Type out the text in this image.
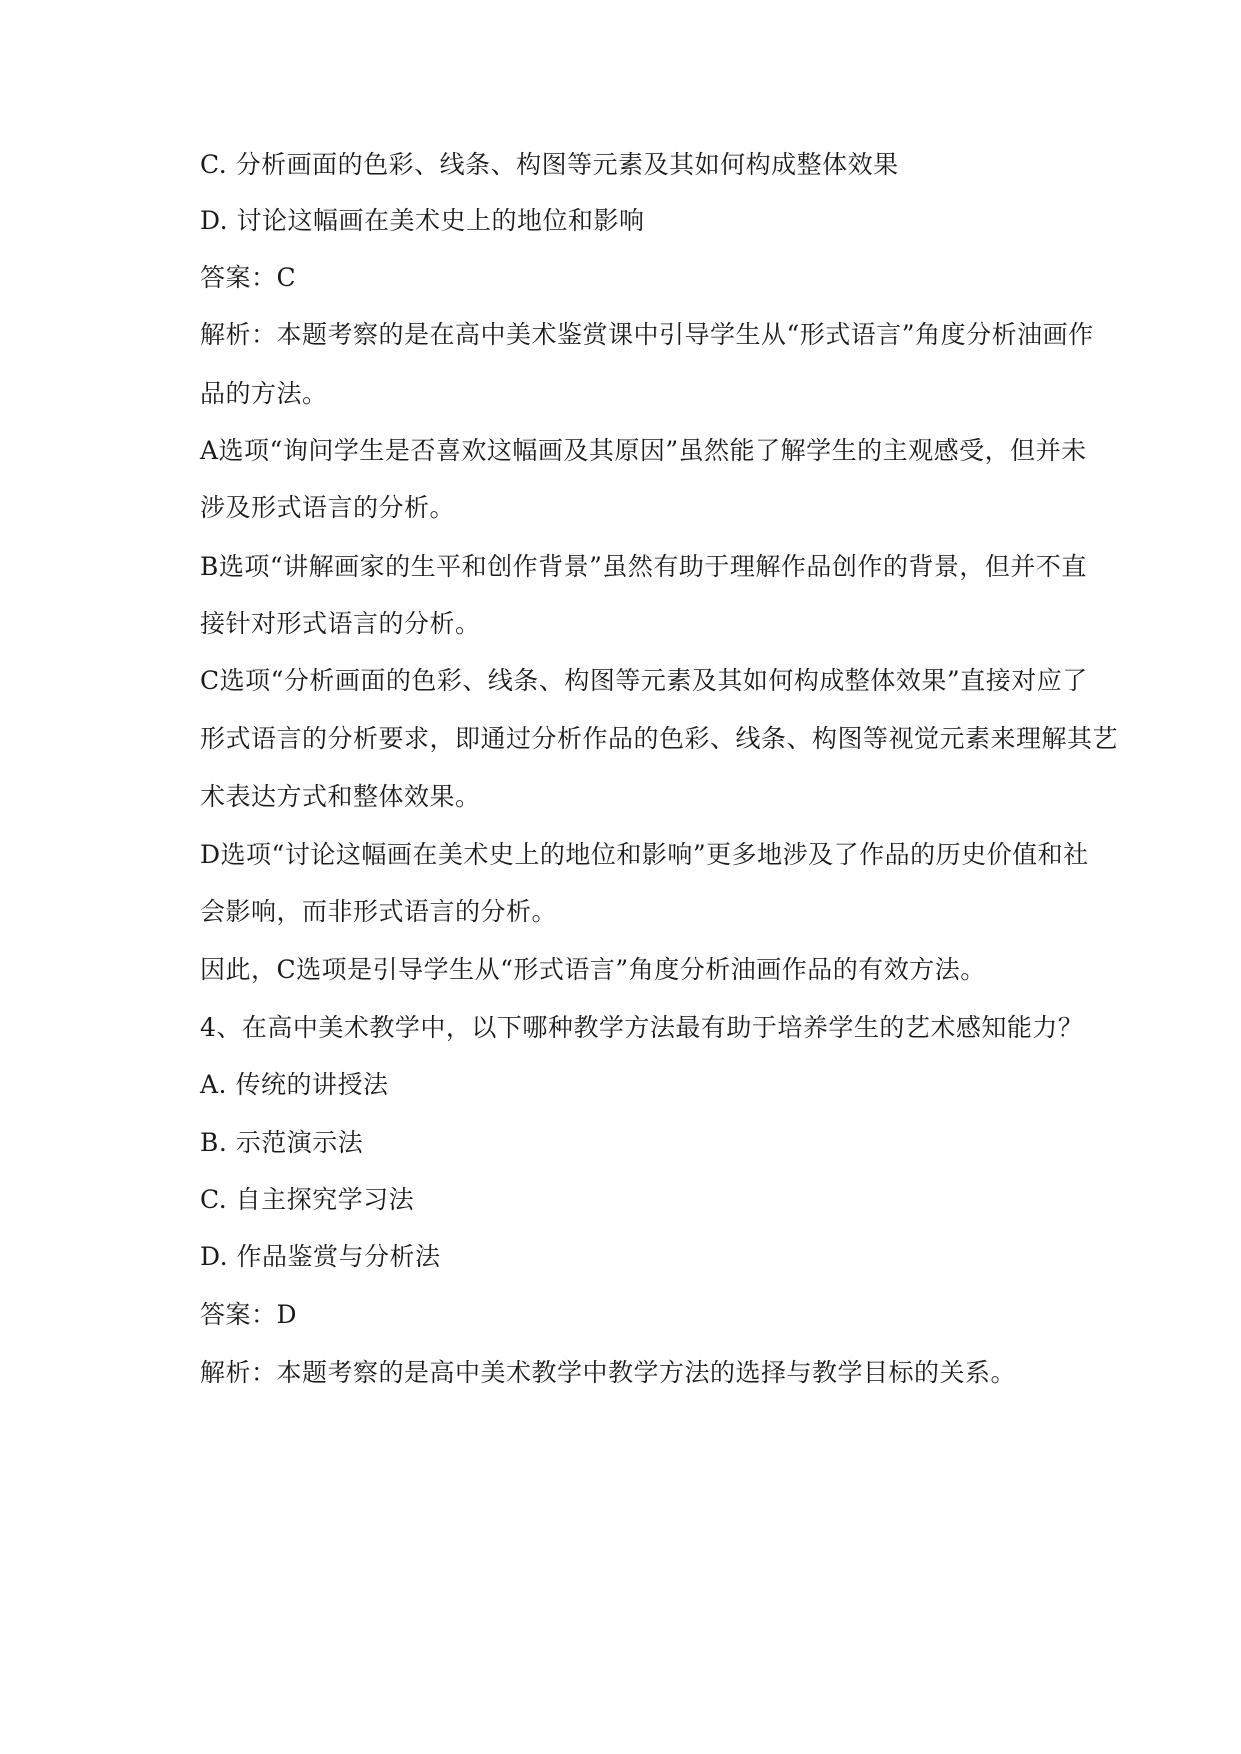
C. 分析画面的色彩、线条、构图等元素及其如何构成整体效果
D. 讨论这幅画在美术史上的地位和影响
答案：C
解析：本题考察的是在高中美术鉴赏课中引导学生从“形式语言”角度分析油画作
品的方法。
A选项“询问学生是否喜欢这幅画及其原因”虽然能了解学生的主观感受，但并未
涉及形式语言的分析。
B选项“讲解画家的生平和创作背景”虽然有助于理解作品创作的背景，但并不直
接针对形式语言的分析。
C选项“分析画面的色彩、线条、构图等元素及其如何构成整体效果”直接对应了
形式语言的分析要求，即通过分析作品的色彩、线条、构图等视觉元素来理解其艺
术表达方式和整体效果。
D选项“讨论这幅画在美术史上的地位和影响”更多地涉及了作品的历史价值和社
会影响，而非形式语言的分析。
因此，C选项是引导学生从“形式语言”角度分析油画作品的有效方法。
4、在高中美术教学中，以下哪种教学方法最有助于培养学生的艺术感知能力？
A. 传统的讲授法
B. 示范演示法
C. 自主探究学习法
D. 作品鉴赏与分析法
答案：D
解析：本题考察的是高中美术教学中教学方法的选择与教学目标的关系。
